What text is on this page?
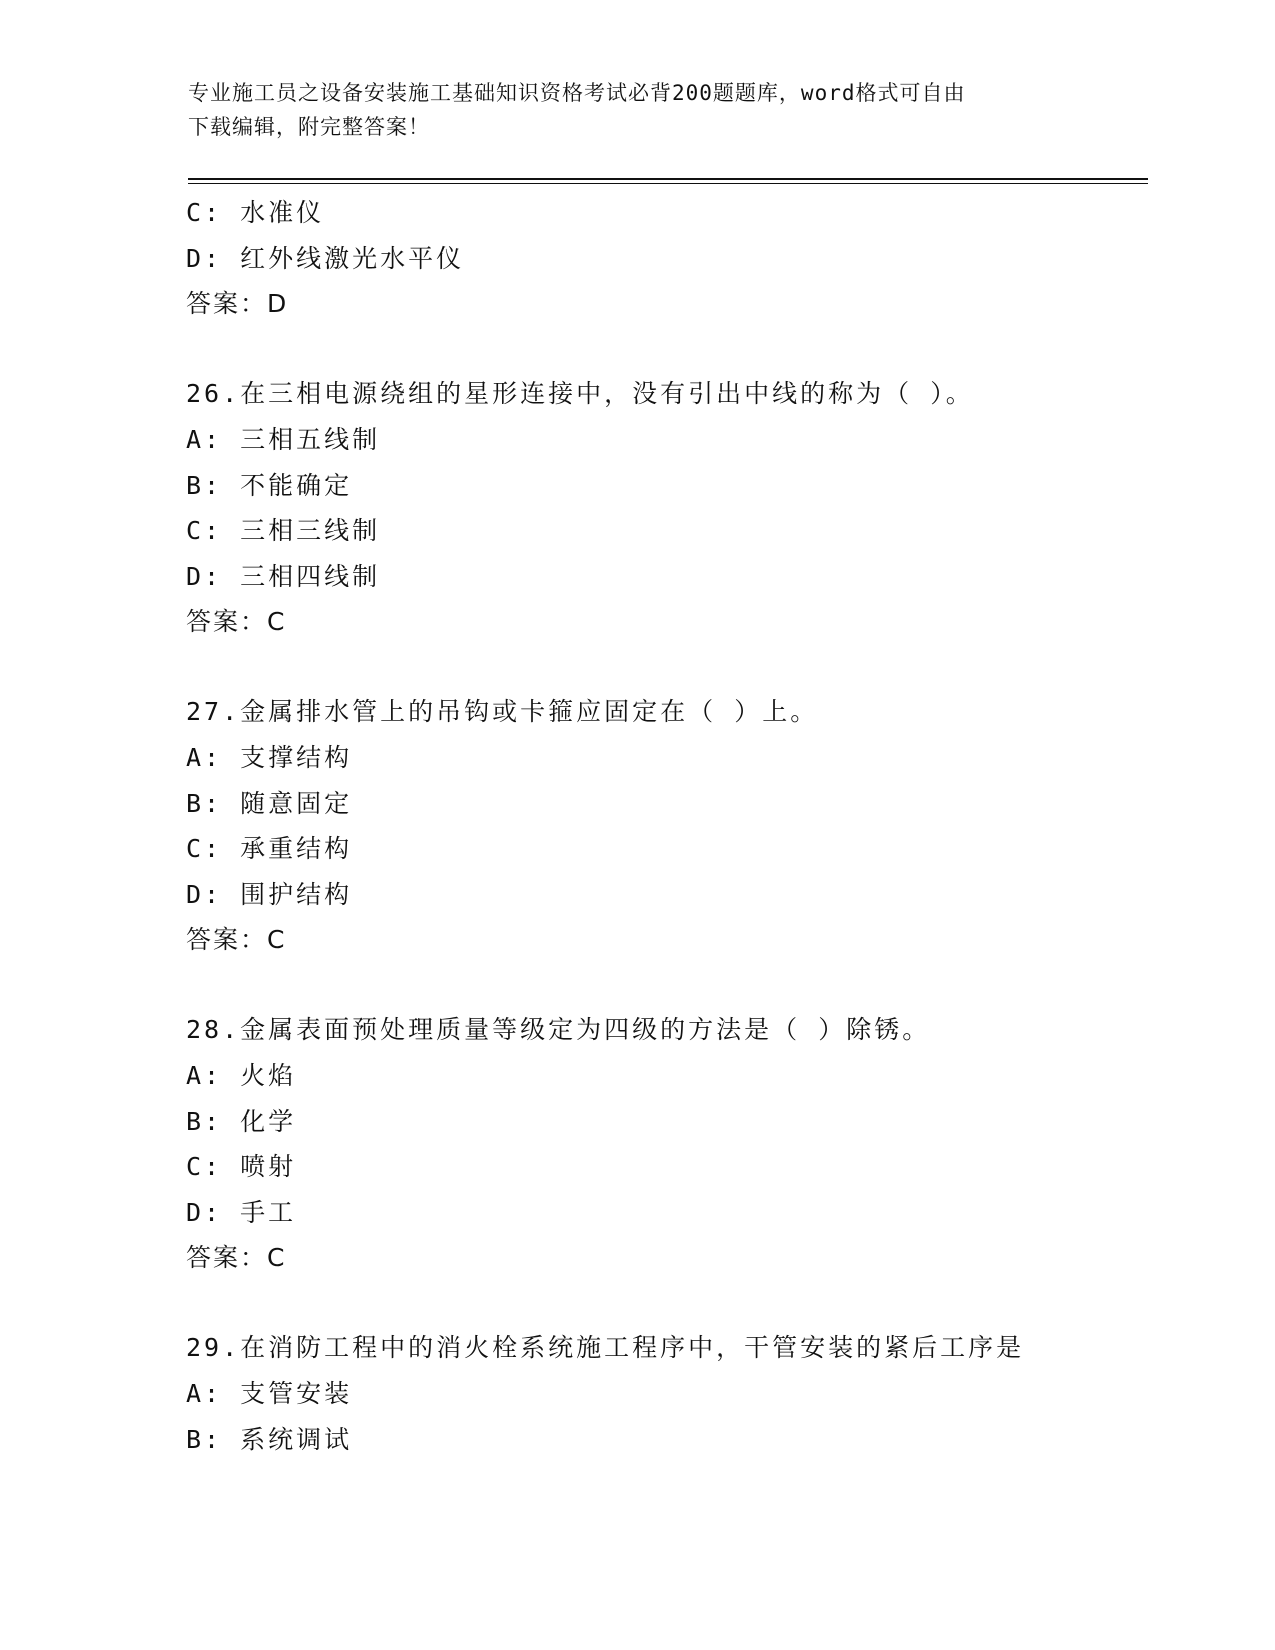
专业施工员之设备安装施工基础知识资格考试必背200题题库，word格式可自由
下载编辑，附完整答案！
C: 水准仪
D: 红外线激光水平仪
答案：D
26.在三相电源绕组的星形连接中，没有引出中线的称为（ ）。
A: 三相五线制
B: 不能确定
C: 三相三线制
D: 三相四线制
答案：C
27.金属排水管上的吊钩或卡箍应固定在（ ）上。
A: 支撑结构
B: 随意固定
C: 承重结构
D: 围护结构
答案：C
28.金属表面预处理质量等级定为四级的方法是（ ）除锈。
A: 火焰
B: 化学
C: 喷射
D: 手工
答案：C
29.在消防工程中的消火栓系统施工程序中，干管安装的紧后工序是
A: 支管安装
B: 系统调试
